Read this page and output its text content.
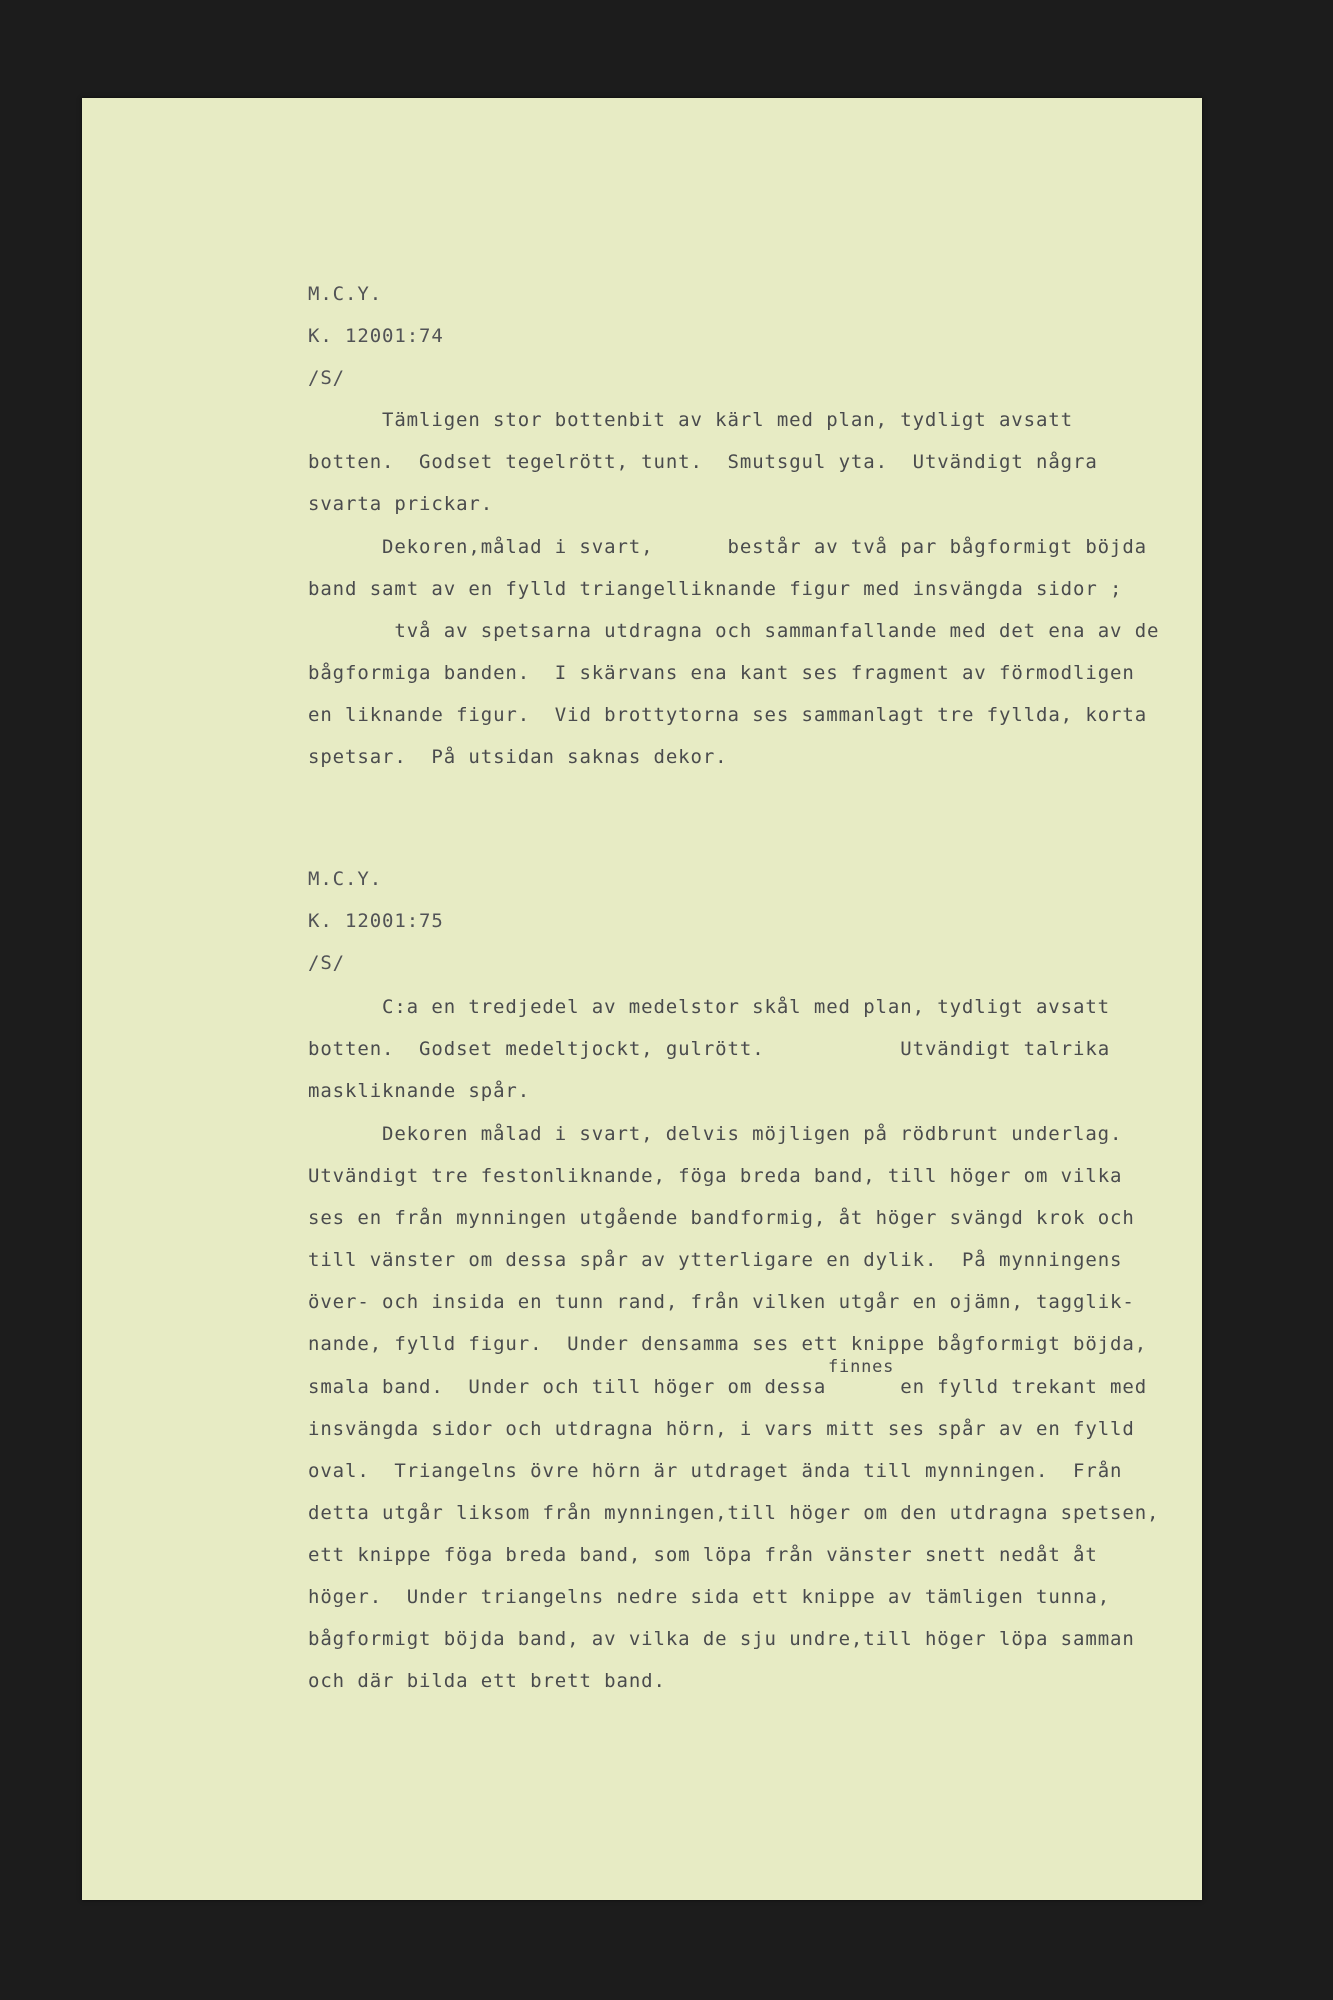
M.C.Y.
K. 12001:74
/S/
Tämligen stor bottenbit av kärl med plan, tydligt avsatt
botten.  Godset tegelrött, tunt.  Smutsgul yta.  Utvändigt några
svarta prickar.
Dekoren,målad i svart,      består av två par bågformigt böjda
band samt av en fylld triangelliknande figur med insvängda sidor ;
två av spetsarna utdragna och sammanfallande med det ena av de
bågformiga banden.  I skärvans ena kant ses fragment av förmodligen
en liknande figur.  Vid brottytorna ses sammanlagt tre fyllda, korta
spetsar.  På utsidan saknas dekor.
M.C.Y.
K. 12001:75
/S/
C:a en tredjedel av medelstor skål med plan, tydligt avsatt
botten.  Godset medeltjockt, gulrött.           Utvändigt talrika
maskliknande spår.
Dekoren målad i svart, delvis möjligen på rödbrunt underlag.
Utvändigt tre festonliknande, föga breda band, till höger om vilka
ses en från mynningen utgående bandformig, åt höger svängd krok och
till vänster om dessa spår av ytterligare en dylik.  På mynningens
över- och insida en tunn rand, från vilken utgår en ojämn, tagglik-
nande, fylld figur.  Under densamma ses ett knippe bågformigt böjda,
finnes
smala band.  Under och till höger om dessa      en fylld trekant med
insvängda sidor och utdragna hörn, i vars mitt ses spår av en fylld
oval.  Triangelns övre hörn är utdraget ända till mynningen.  Från
detta utgår liksom från mynningen,till höger om den utdragna spetsen,
ett knippe föga breda band, som löpa från vänster snett nedåt åt
höger.  Under triangelns nedre sida ett knippe av tämligen tunna,
bågformigt böjda band, av vilka de sju undre,till höger löpa samman
och där bilda ett brett band.
